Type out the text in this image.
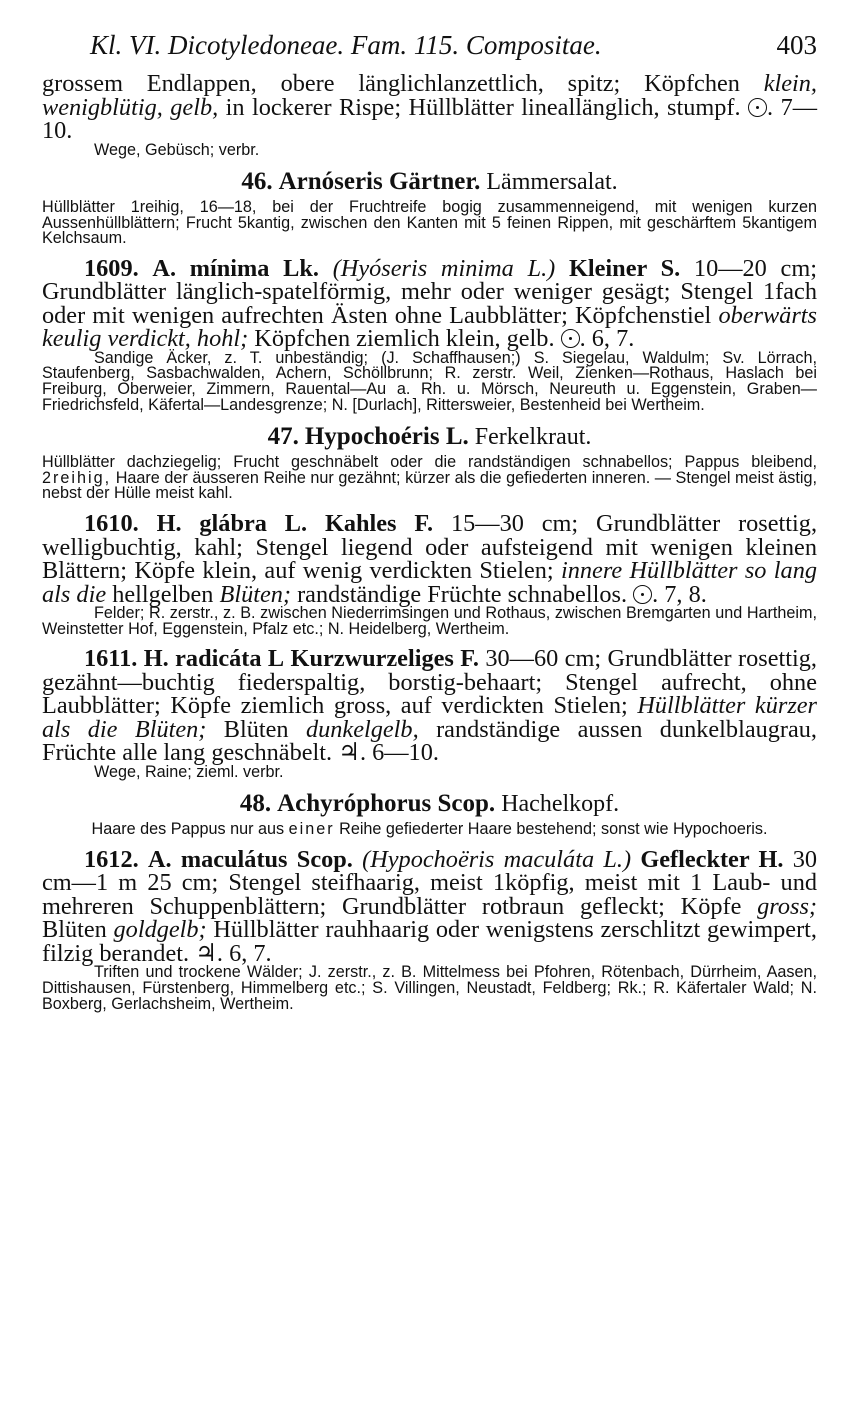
Kl. VI. Dicotyledoneae. Fam. 115. Compositae.	403

grossem Endlappen, obere länglichlanzettlich, spitz; Köpfchen klein, wenigblütig, gelb, in lockerer Rispe; Hüllblätter lineallänglich, stumpf. . 7—10.

Wege, Gebüsch; verbr.

46. Arnóseris Gärtner. Lämmersalat.

Hüllblätter 1reihig, 16—18, bei der Fruchtreife bogig zusammenneigend, mit wenigen kurzen Aussenhüllblättern; Frucht 5kantig, zwischen den Kanten mit 5 feinen Rippen, mit geschärftem 5kantigem Kelchsaum.

1609. A. mínima Lk. (Hyóseris minima L.) Kleiner S. 10—20 cm; Grundblätter länglich-spatelförmig, mehr oder weniger gesägt; Stengel 1fach oder mit wenigen aufrechten Ästen ohne Laubblätter; Köpfchenstiel oberwärts keulig verdickt, hohl; Köpfchen ziemlich klein, gelb. . 6, 7.

Sandige Äcker, z. T. unbeständig; (J. Schaffhausen;) S. Siegelau, Waldulm; Sv. Lörrach, Staufenberg, Sasbachwalden, Achern, Schöllbrunn; R. zerstr. Weil, Zienken—Rothaus, Haslach bei Freiburg, Oberweier, Zimmern, Rauental—Au a. Rh. u. Mörsch, Neureuth u. Eggenstein, Graben—Friedrichsfeld, Käfertal—Landesgrenze; N. [Durlach], Rittersweier, Bestenheid bei Wertheim.

47. Hypochoéris L. Ferkelkraut.

Hüllblätter dachziegelig; Frucht geschnäbelt oder die randständigen schnabellos; Pappus bleibend, 2reihig, Haare der äusseren Reihe nur gezähnt; kürzer als die gefiederten inneren. — Stengel meist ästig, nebst der Hülle meist kahl.

1610. H. glábra L. Kahles F. 15—30 cm; Grundblätter rosettig, welligbuchtig, kahl; Stengel liegend oder aufsteigend mit wenigen kleinen Blättern; Köpfe klein, auf wenig verdickten Stielen; innere Hüllblätter so lang als die hellgelben Blüten; randständige Früchte schnabellos. . 7, 8.

Felder; R. zerstr., z. B. zwischen Niederrimsingen und Rothaus, zwischen Bremgarten und Hartheim, Weinstetter Hof, Eggenstein, Pfalz etc.; N. Heidelberg, Wertheim.

1611. H. radicáta L Kurzwurzeliges F. 30—60 cm; Grundblätter rosettig, gezähnt—buchtig fiederspaltig, borstig-behaart; Stengel aufrecht, ohne Laubblätter; Köpfe ziemlich gross, auf verdickten Stielen; Hüllblätter kürzer als die Blüten; Blüten dunkelgelb, randständige aussen dunkelblaugrau, Früchte alle lang geschnäbelt. ♃. 6—10.

Wege, Raine; zieml. verbr.

48. Achyróphorus Scop. Hachelkopf.

Haare des Pappus nur aus einer Reihe gefiederter Haare bestehend; sonst wie Hypochoeris.

1612. A. maculátus Scop. (Hypochoëris maculáta L.) Gefleckter H. 30 cm—1 m 25 cm; Stengel steifhaarig, meist 1köpfig, meist mit 1 Laub- und mehreren Schuppenblättern; Grundblätter rotbraun gefleckt; Köpfe gross; Blüten goldgelb; Hüllblätter rauhhaarig oder wenigstens zerschlitzt gewimpert, filzig berandet. ♃. 6, 7.

Triften und trockene Wälder; J. zerstr., z. B. Mittelmess bei Pfohren, Rötenbach, Dürrheim, Aasen, Dittishausen, Fürstenberg, Himmelberg etc.; S. Villingen, Neustadt, Feldberg; Rk.; R. Käfertaler Wald; N. Boxberg, Gerlachsheim, Wertheim.
